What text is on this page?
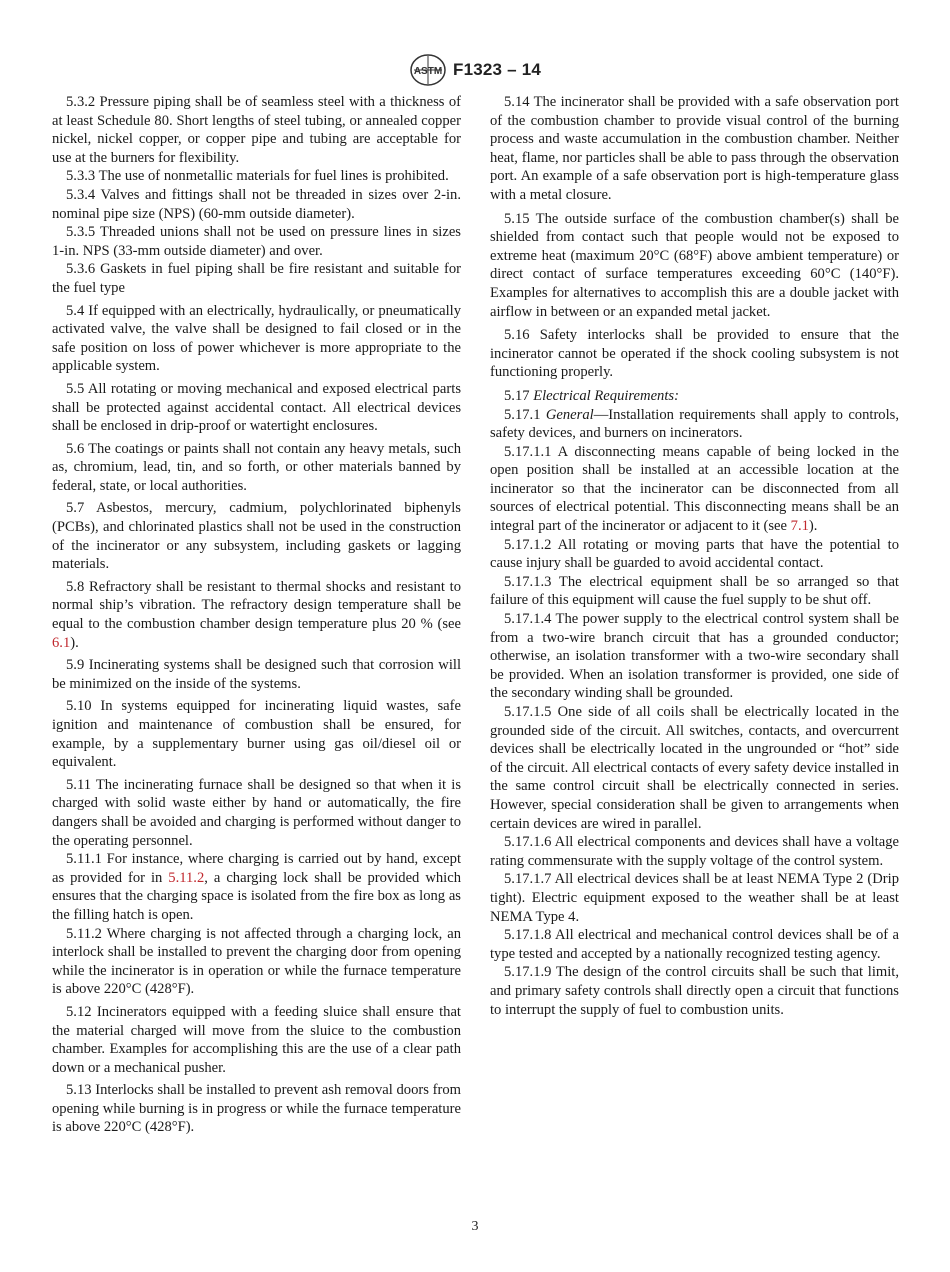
ASTM F1323 – 14

5.3.2 Pressure piping shall be of seamless steel with a thickness of at least Schedule 80. Short lengths of steel tubing, or annealed copper nickel, nickel copper, or copper pipe and tubing are acceptable for use at the burners for flexibility.

5.3.3 The use of nonmetallic materials for fuel lines is prohibited.

5.3.4 Valves and fittings shall not be threaded in sizes over 2-in. nominal pipe size (NPS) (60-mm outside diameter).

5.3.5 Threaded unions shall not be used on pressure lines in sizes 1-in. NPS (33-mm outside diameter) and over.

5.3.6 Gaskets in fuel piping shall be fire resistant and suitable for the fuel type

5.4 If equipped with an electrically, hydraulically, or pneumatically activated valve, the valve shall be designed to fail closed or in the safe position on loss of power whichever is more appropriate to the applicable system.

5.5 All rotating or moving mechanical and exposed electrical parts shall be protected against accidental contact. All electrical devices shall be enclosed in drip-proof or watertight enclosures.

5.6 The coatings or paints shall not contain any heavy metals, such as, chromium, lead, tin, and so forth, or other materials banned by federal, state, or local authorities.

5.7 Asbestos, mercury, cadmium, polychlorinated biphenyls (PCBs), and chlorinated plastics shall not be used in the construction of the incinerator or any subsystem, including gaskets or lagging materials.

5.8 Refractory shall be resistant to thermal shocks and resistant to normal ship’s vibration. The refractory design temperature shall be equal to the combustion chamber design temperature plus 20 % (see 6.1).

5.9 Incinerating systems shall be designed such that corrosion will be minimized on the inside of the systems.

5.10 In systems equipped for incinerating liquid wastes, safe ignition and maintenance of combustion shall be ensured, for example, by a supplementary burner using gas oil/diesel oil or equivalent.

5.11 The incinerating furnace shall be designed so that when it is charged with solid waste either by hand or automatically, the fire dangers shall be avoided and charging is performed without danger to the operating personnel.

5.11.1 For instance, where charging is carried out by hand, except as provided for in 5.11.2, a charging lock shall be provided which ensures that the charging space is isolated from the fire box as long as the filling hatch is open.

5.11.2 Where charging is not affected through a charging lock, an interlock shall be installed to prevent the charging door from opening while the incinerator is in operation or while the furnace temperature is above 220°C (428°F).

5.12 Incinerators equipped with a feeding sluice shall ensure that the material charged will move from the sluice to the combustion chamber. Examples for accomplishing this are the use of a clear path down or a mechanical pusher.

5.13 Interlocks shall be installed to prevent ash removal doors from opening while burning is in progress or while the furnace temperature is above 220°C (428°F).

5.14 The incinerator shall be provided with a safe observation port of the combustion chamber to provide visual control of the burning process and waste accumulation in the combustion chamber. Neither heat, flame, nor particles shall be able to pass through the observation port. An example of a safe observation port is high-temperature glass with a metal closure.

5.15 The outside surface of the combustion chamber(s) shall be shielded from contact such that people would not be exposed to extreme heat (maximum 20°C (68°F) above ambient temperature) or direct contact of surface temperatures exceeding 60°C (140°F). Examples for alternatives to accomplish this are a double jacket with airflow in between or an expanded metal jacket.

5.16 Safety interlocks shall be provided to ensure that the incinerator cannot be operated if the shock cooling subsystem is not functioning properly.

5.17 Electrical Requirements:

5.17.1 General—Installation requirements shall apply to controls, safety devices, and burners on incinerators.

5.17.1.1 A disconnecting means capable of being locked in the open position shall be installed at an accessible location at the incinerator so that the incinerator can be disconnected from all sources of electrical potential. This disconnecting means shall be an integral part of the incinerator or adjacent to it (see 7.1).

5.17.1.2 All rotating or moving parts that have the potential to cause injury shall be guarded to avoid accidental contact.

5.17.1.3 The electrical equipment shall be so arranged so that failure of this equipment will cause the fuel supply to be shut off.

5.17.1.4 The power supply to the electrical control system shall be from a two-wire branch circuit that has a grounded conductor; otherwise, an isolation transformer with a two-wire secondary shall be provided. When an isolation transformer is provided, one side of the secondary winding shall be grounded.

5.17.1.5 One side of all coils shall be electrically located in the grounded side of the circuit. All switches, contacts, and overcurrent devices shall be electrically located in the ungrounded or “hot” side of the circuit. All electrical contacts of every safety device installed in the same control circuit shall be electrically connected in series. However, special consideration shall be given to arrangements when certain devices are wired in parallel.

5.17.1.6 All electrical components and devices shall have a voltage rating commensurate with the supply voltage of the control system.

5.17.1.7 All electrical devices shall be at least NEMA Type 2 (Drip tight). Electric equipment exposed to the weather shall be at least NEMA Type 4.

5.17.1.8 All electrical and mechanical control devices shall be of a type tested and accepted by a nationally recognized testing agency.

5.17.1.9 The design of the control circuits shall be such that limit, and primary safety controls shall directly open a circuit that functions to interrupt the supply of fuel to combustion units.

3
